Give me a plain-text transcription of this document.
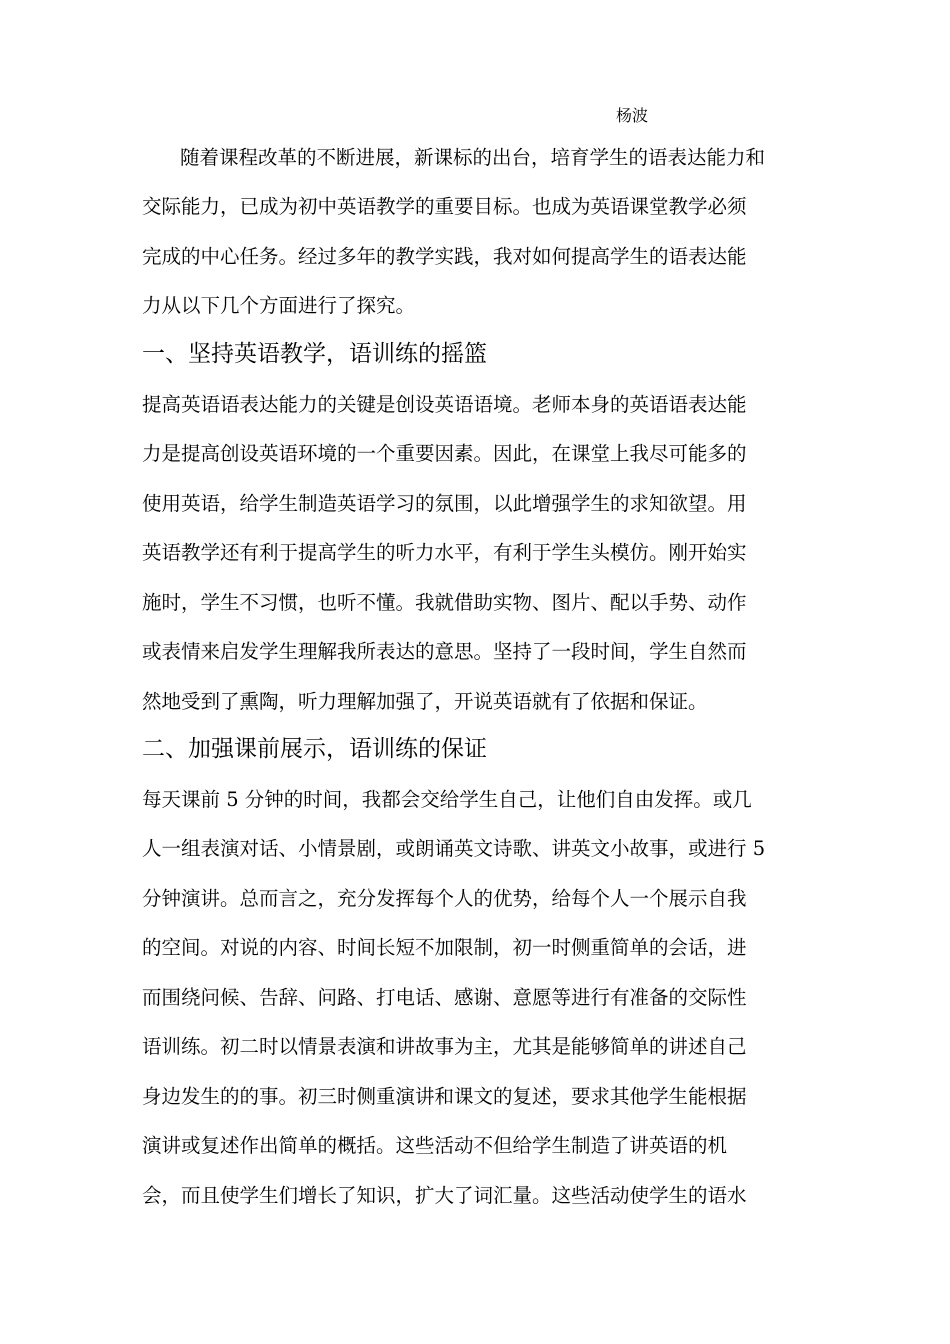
杨波
随着课程改革的不断进展，新课标的出台，培育学生的语表达能力和
交际能力，已成为初中英语教学的重要目标。也成为英语课堂教学必须
完成的中心任务。经过多年的教学实践，我对如何提高学生的语表达能
力从以下几个方面进行了探究。
一、坚持英语教学，语训练的摇篮
提高英语语表达能力的关键是创设英语语境。老师本身的英语语表达能
力是提高创设英语环境的一个重要因素。因此，在课堂上我尽可能多的
使用英语，给学生制造英语学习的氛围，以此增强学生的求知欲望。用
英语教学还有利于提高学生的听力水平，有利于学生头模仿。刚开始实
施时，学生不习惯，也听不懂。我就借助实物、图片、配以手势、动作
或表情来启发学生理解我所表达的意思。坚持了一段时间，学生自然而
然地受到了熏陶，听力理解加强了，开说英语就有了依据和保证。
二、加强课前展示，语训练的保证
每天课前 5 分钟的时间，我都会交给学生自己，让他们自由发挥。或几
人一组表演对话、小情景剧，或朗诵英文诗歌、讲英文小故事，或进行 5
分钟演讲。总而言之，充分发挥每个人的优势，给每个人一个展示自我
的空间。对说的内容、时间长短不加限制，初一时侧重简单的会话，进
而围绕问候、告辞、问路、打电话、感谢、意愿等进行有准备的交际性
语训练。初二时以情景表演和讲故事为主，尤其是能够简单的讲述自己
身边发生的的事。初三时侧重演讲和课文的复述，要求其他学生能根据
演讲或复述作出简单的概括。这些活动不但给学生制造了讲英语的机
会，而且使学生们增长了知识，扩大了词汇量。这些活动使学生的语水
